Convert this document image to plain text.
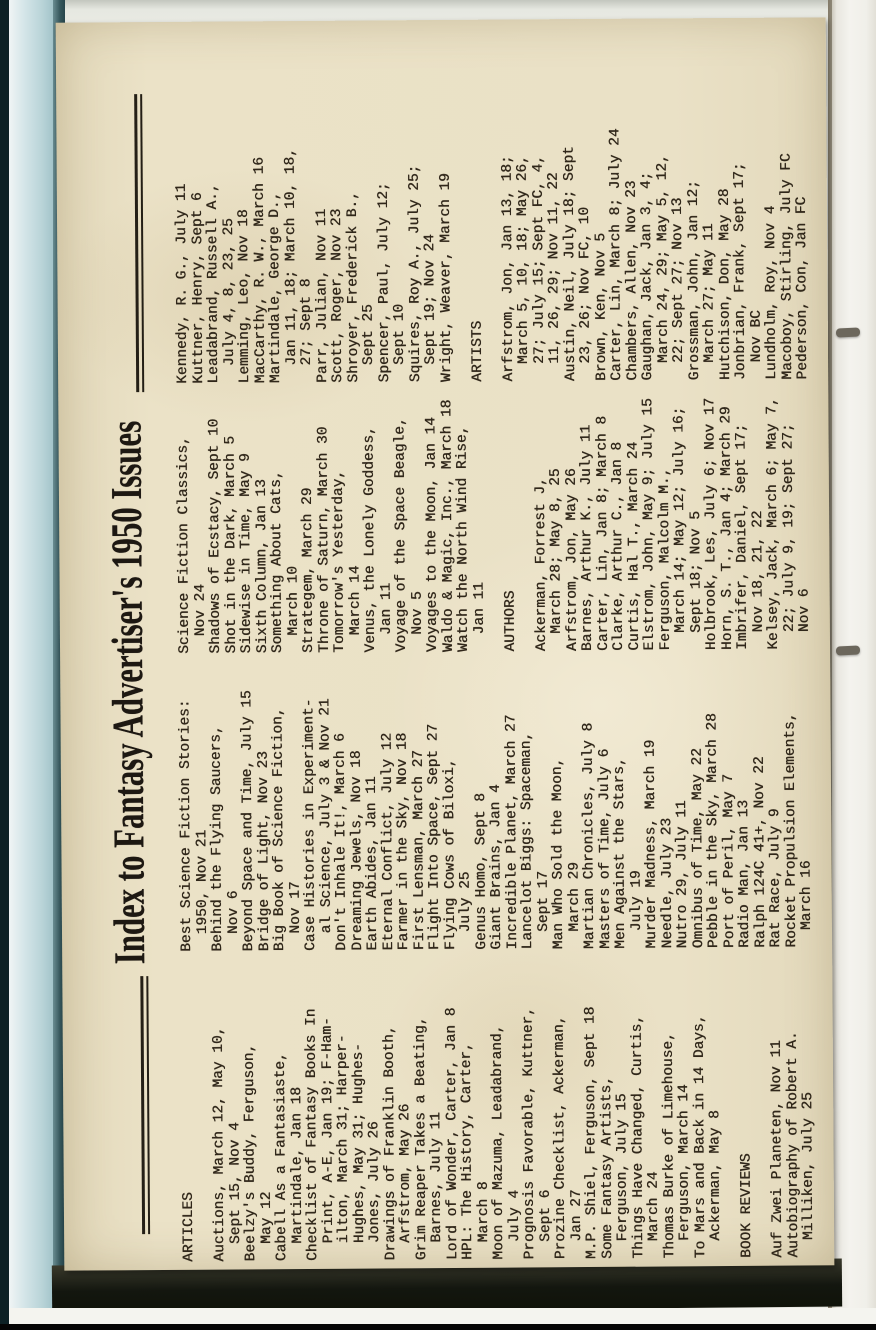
Index to Fantasy Advertiser's 1950 Issues
ARTICLES

Auctions, March 12, May 10,
Sept 15, Nov 4
Beelzy's Buddy, Ferguson,
May 12
Cabell As a Fantasiaste,
Martindale, Jan 18
Checklist of Fantasy Books In
Print, A-E, Jan 19; F-Ham-
ilton, March 31; Harper-
Hughes, May 31; Hughes-
Jones, July 26
Drawings of Franklin Booth,
Arfstrom, May 26
Grim Reaper Takes a Beating,
Barnes, July 11
Lord of Wonder, Carter, Jan 8
HPL: The History, Carter,
March 8
Moon of Mazuma, Leadabrand,
July 4
Prognosis Favorable, Kuttner,
Sept 6
Prozine Checklist, Ackerman,
Jan 27
M.P. Shiel, Ferguson, Sept 18
Some Fantasy Artists,
Ferguson, July 15
Things Have Changed, Curtis,
March 24
Thomas Burke of Limehouse,
Ferguson, March 14
To Mars and Back in 14 Days,
Ackerman, May 8

BOOK REVIEWS

Auf Zwei Planeten, Nov 11
Autobiography of Robert A.
Milliken, July 25
Best Science Fiction Stories:
1950, Nov 21
Behind the Flying Saucers,
Nov 6
Beyond Space and Time, July 15
Bridge of Light, Nov 23
Big Book of Science Fiction,
Nov 17
Case Histories in Experiment-
al Science, July 3 & Nov 21
Don't Inhale It!, March 6
Dreaming Jewels, Nov 18
Earth Abides, Jan 11
Eternal Conflict, July 12
Farmer in the Sky, Nov 18
First Lensman, March 27
Flight Into Space, Sept 27
Flying Cows of Biloxi,
July 25
Genus Homo, Sept 8
Giant Brains, Jan 4
Incredible Planet, March 27
Lancelot Biggs: Spaceman,
Sept 17
Man Who Sold the Moon,
March 29
Martian Chronicles, July 8
Masters of Time, July 6
Men Against the Stars,
July 19
Murder Madness, March 19
Needle, July 23
Nutro 29, July 11
Omnibus of Time, May 22
Pebble in the Sky, March 28
Port of Peril, May 7
Radio Man, Jan 13
Ralph 124C 41+, Nov 22
Rat Race, July 9
Rocket Propulsion Elements,
March 16
Science Fiction Classics,
Nov 24
Shadows of Ecstacy, Sept 10
Shot in the Dark, March 5
Sidewise in Time, May 9
Sixth Column, Jan 13
Something About Cats,
March 10
Strategem, March 29
Throne of Saturn, March 30
Tomorrow's Yesterday,
March 14
Venus, the Lonely Goddess,
Jan 11
Voyage of the Space Beagle,
Nov 5
Voyages to the Moon, Jan 14
Waldo & Magic, Inc., March 18
Watch the North Wind Rise,
Jan 11

AUTHORS

Ackerman, Forrest J,
March 28; May 8, 25
Arfstrom, Jon, May 26
Barnes, Arthur K., July 11
Carter, Lin, Jan 8; March 8
Clarke, Arthur C., Jan 8
Curtis, Hal T., March 24
Elstrom, John, May 9; July 15
Ferguson, Malcolm M.,
March 14; May 12; July 16;
Sept 18; Nov 5
Holbrook, Les, July 6; Nov 17
Horn, S. T., Jan 4; March 29
Imbrifer, Daniel, Sept 17;
Nov 18, 21, 22
Kelsey, Jack, March 6; May 7,
22; July 9, 19; Sept 27;
Nov 6
Kennedy, R. G., July 11
Kuttner, Henry, Sept 6
Leadabrand, Russell A.,
July 4, 8, 23, 25
Lemming, Leo, Nov 18
MacCarthy, R. W., March 16
Martindale, George D.,
Jan 11, 18; March 10, 18,
27; Sept 8
Parr, Julian, Nov 11
Scott, Roger, Nov 23
Shroyer, Frederick B.,
Sept 25
Spencer, Paul, July 12;
Sept 10
Squires, Roy A., July 25;
Sept 19; Nov 24
Wright, Weaver, March 19

ARTISTS

Arfstrom, Jon, Jan 13, 18;
March 5, 10, 18; May 26,
27; July 15; Sept FC, 4,
11, 26, 29; Nov 11, 22
Austin, Neil, July 18; Sept
23, 26; Nov FC, 10
Brown, Ken, Nov 5
Carter, Lin, March 8; July 24
Chambers, Allen, Nov 23
Gaughan, Jack, Jan 3, 4;
March 24, 29; May 5, 12,
22; Sept 27; Nov 13
Grossman, John, Jan 12;
March 27; May 11
Hutchison, Don, May 28
Jonbrian, Frank, Sept 17;
Nov BC
Lundholm, Roy, Nov 4
Macoboy, Stirling, July FC
Pederson, Con, Jan FC
